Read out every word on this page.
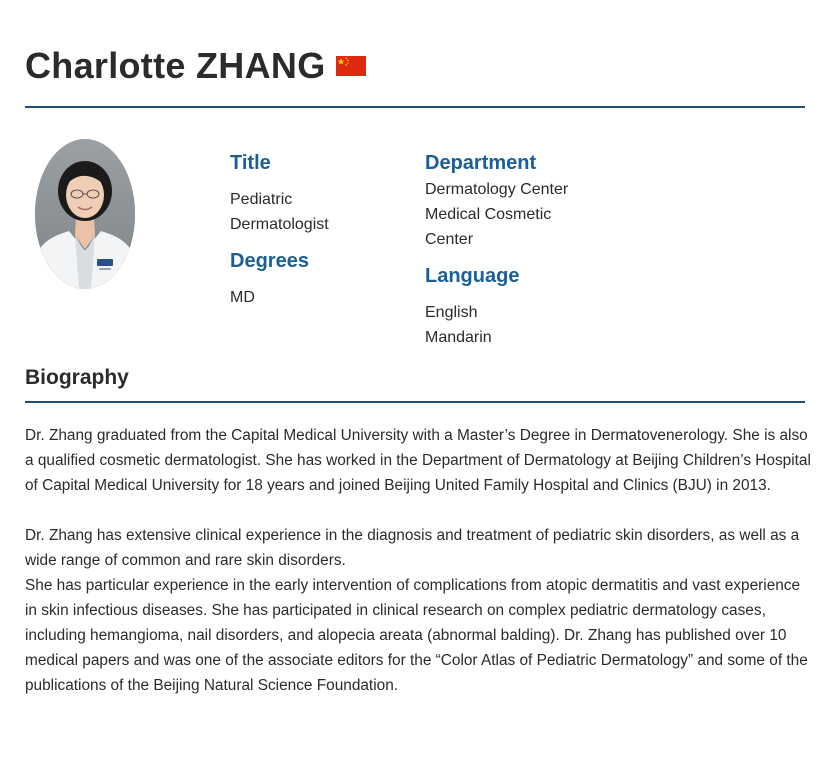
Charlotte ZHANG
Title
Pediatric
Dermatologist
Degrees
MD
Department
Dermatology Center
Medical Cosmetic
Center
Language
English
Mandarin
Biography

Dr. Zhang graduated from the Capital Medical University with a Master’s Degree in Dermatovenerology. She is also a qualified cosmetic dermatologist. She has worked in the Department of Dermatology at Beijing Children’s Hospital of Capital Medical University for 18 years and joined Beijing United Family Hospital and Clinics (BJU) in 2013.

Dr. Zhang has extensive clinical experience in the diagnosis and treatment of pediatric skin disorders, as well as a wide range of common and rare skin disorders.
She has particular experience in the early intervention of complications from atopic dermatitis and vast experience in skin infectious diseases. She has participated in clinical research on complex pediatric dermatology cases, including hemangioma, nail disorders, and alopecia areata (abnormal balding). Dr. Zhang has published over 10 medical papers and was one of the associate editors for the “Color Atlas of Pediatric Dermatology” and some of the publications of the Beijing Natural Science Foundation.
